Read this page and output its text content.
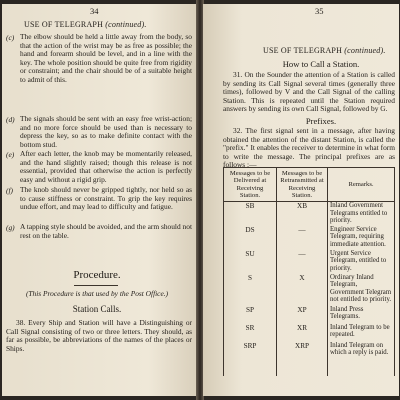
34
USE OF TELEGRAPH (continued).
(c) The elbow should be held a little away from the body, so that the action of the wrist may be as free as possible; the hand and forearm should be level, and in a line with the key. The whole position should be quite free from rigidity or constraint; and the chair should be of a suitable height to admit of this.
(d) The signals should be sent with an easy free wrist-action; and no more force should be used than is necessary to depress the key, so as to make definite contact with the bottom stud.
(e) After each letter, the knob may be momentarily released, and the hand slightly raised; though this release is not essential, provided that otherwise the action is perfectly easy and without a rigid grip.
(f) The knob should never be gripped tightly, nor held so as to cause stiffness or constraint. To grip the key requires undue effort, and may lead to difficulty and fatigue.
(g) A tapping style should be avoided, and the arm should not rest on the table.
Procedure.
(This Procedure is that used by the Post Office.)
Station Calls.
38. Every Ship and Station will have a Distinguishing or Call Signal consisting of two or three letters. They should, as far as possible, be abbreviations of the names of the places or Ships.
35
USE OF TELEGRAPH (continued).
How to Call a Station.
31. On the Sounder the attention of a Station is called by sending its Call Signal several times (generally three times), followed by V and the Call Signal of the calling Station. This is repeated until the Station required answers by sending its own Call Signal, followed by G.
Prefixes.
32. The first signal sent in a message, after having obtained the attention of the distant Station, is called the "prefix." It enables the receiver to determine in what form to write the message. The principal prefixes are as follows :—
Messages to be Delivered at Receiving Station.	Messages to be Retransmitted at Receiving Station.	Remarks.
SB	XB	Inland Government Telegrams entitled to priority.
DS	—	Engineer Service Telegram, requiring immediate attention.
SU	—	Urgent Service Telegram, entitled to priority.
S	X	Ordinary Inland Telegram, Government Telegram not entitled to priority.
SP	XP	Inland Press Telegrams.
SR	XR	Inland Telegram to be repeated.
SRP	XRP	Inland Telegram on which a reply is paid.
